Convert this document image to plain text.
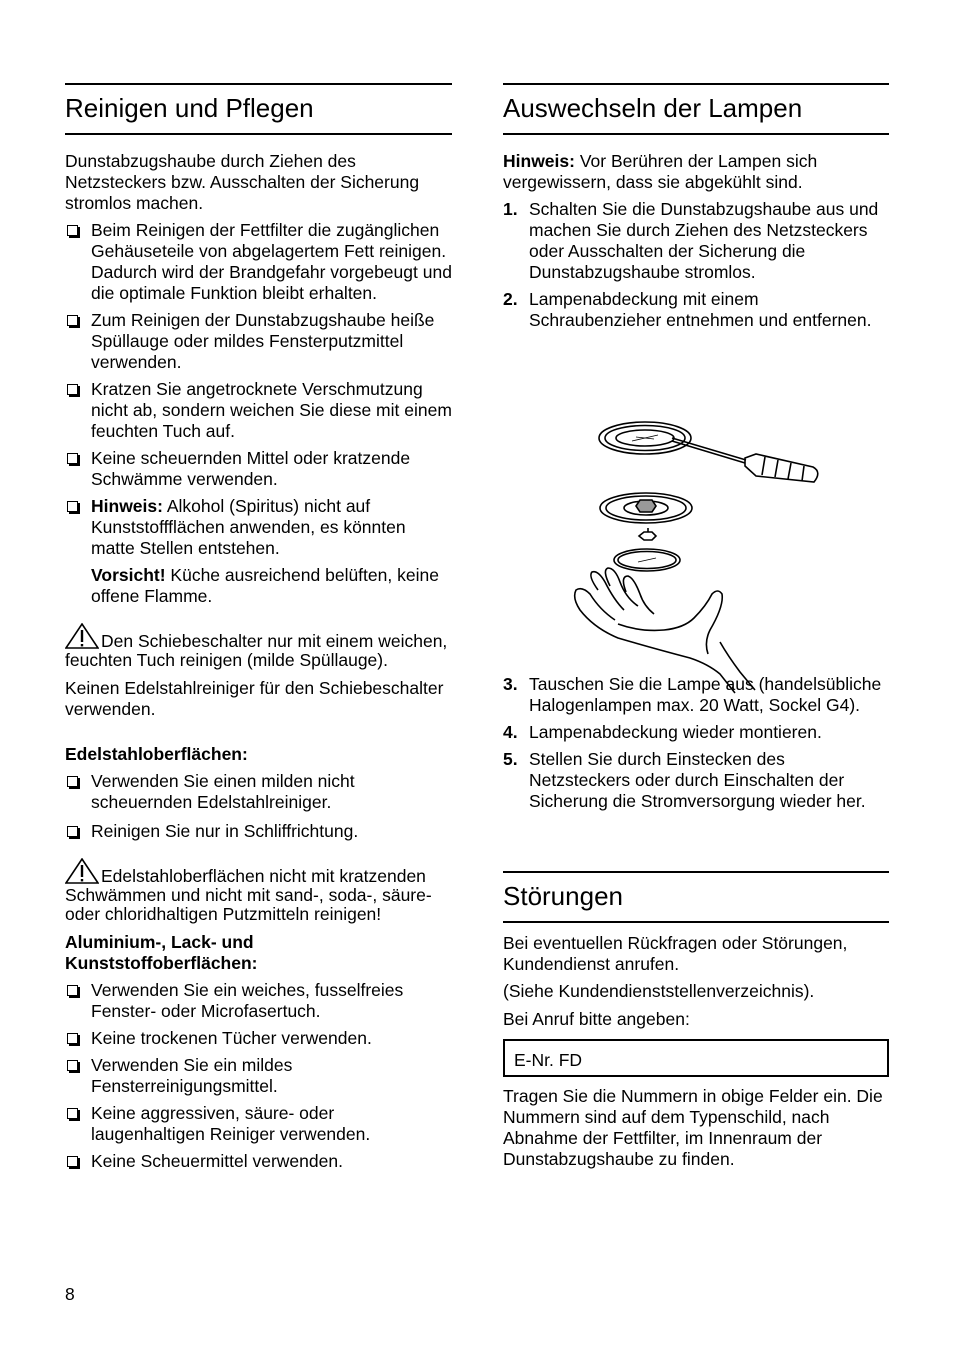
Reinigen und Pflegen

Dunstabzugshaube durch Ziehen des Netzsteckers bzw. Ausschalten der Sicherung stromlos machen.

Beim Reinigen der Fettfilter die zugänglichen Gehäuseteile von abgelagertem Fett reinigen.
Dadurch wird der Brandgefahr vorgebeugt und die optimale Funktion bleibt erhalten.
Zum Reinigen der Dunstabzugshaube heiße Spüllauge oder mildes Fensterputzmittel verwenden.
Kratzen Sie angetrocknete Verschmutzung nicht ab, sondern weichen Sie diese mit einem feuchten Tuch auf.
Keine scheuernden Mittel oder kratzende Schwämme verwenden.
Hinweis: Alkohol (Spiritus) nicht auf Kunststoffflächen anwenden, es könnten matte Stellen entstehen.

Vorsicht! Küche ausreichend belüften, keine offene Flamme.

Den Schiebeschalter nur mit einem weichen, feuchten Tuch reinigen (milde Spüllauge).

Keinen Edelstahlreiniger für den Schiebeschalter verwenden.

Edelstahloberflächen:

Verwenden Sie einen milden nicht scheuernden Edelstahlreiniger.
Reinigen Sie nur in Schliffrichtung.

Edelstahloberflächen nicht mit kratzenden Schwämmen und nicht mit sand-, soda-, säure- oder chloridhaltigen Putzmitteln reinigen!

Aluminium-, Lack- und Kunststoffoberflächen:

Verwenden Sie ein weiches, fusselfreies Fenster- oder Microfasertuch.
Keine trockenen Tücher verwenden.
Verwenden Sie ein mildes Fensterreinigungsmittel.
Keine aggressiven, säure- oder laugenhaltigen Reiniger verwenden.
Keine Scheuermittel verwenden.
Auswechseln der Lampen

Hinweis: Vor Berühren der Lampen sich vergewissern, dass sie abgekühlt sind.

1. Schalten Sie die Dunstabzugshaube aus und machen Sie durch Ziehen des Netzsteckers oder Ausschalten der Sicherung die Dunstabzugshaube stromlos.
2. Lampenabdeckung mit einem Schraubenzieher entnehmen und entfernen.
3. Tauschen Sie die Lampe aus (handelsübliche Halogenlampen max. 20 Watt, Sockel G4).
4. Lampenabdeckung wieder montieren.
5. Stellen Sie durch Einstecken des Netzsteckers oder durch Einschalten der Sicherung die Stromversorgung wieder her.
Störungen

Bei eventuellen Rückfragen oder Störungen, Kundendienst anrufen.

(Siehe Kundendienststellenverzeichnis).

Bei Anruf bitte angeben:

E-Nr. FD

Tragen Sie die Nummern in obige Felder ein. Die Nummern sind auf dem Typenschild, nach Abnahme der Fettfilter, im Innenraum der Dunstabzugshaube zu finden.

8
